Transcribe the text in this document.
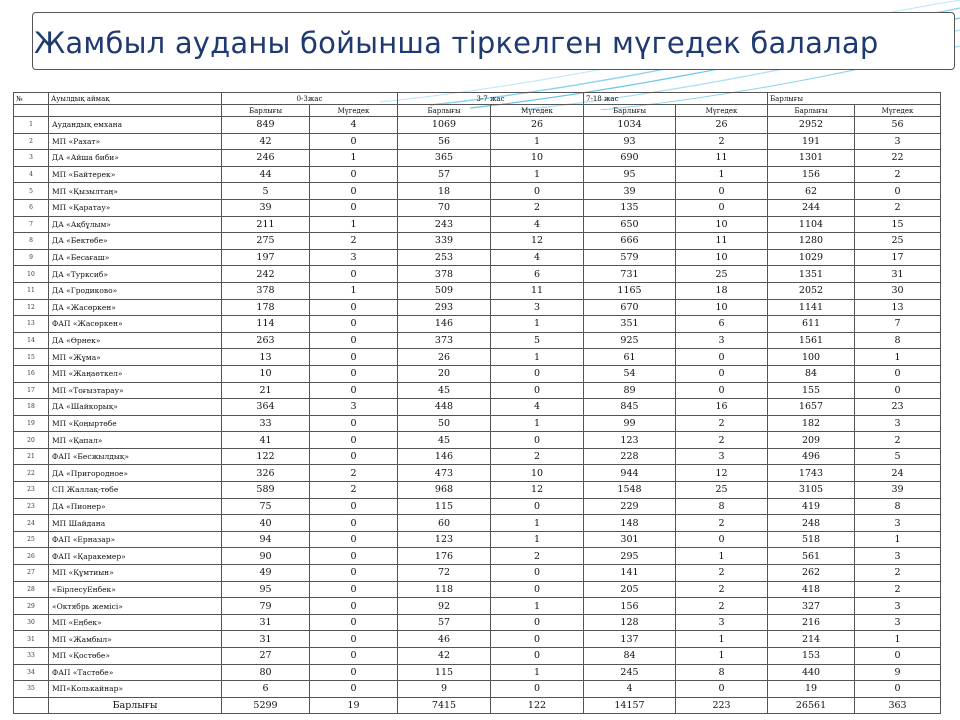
Жамбыл ауданы бойынша тіркелген мүгедек балалар
№	Ауылдық аймақ	0-3жас		3-7 жас		7-18 жас		Барлығы	
		Барлығы	Мүгедек	Барлығы	Мүгедек	Барлығы	Мүгедек	Барлығы	Мүгедек
1	Аудандық емхана	849	4	1069	26	1034	26	2952	56
2	МП «Рахат»	42	0	56	1	93	2	191	3
3	ДА «Айша биби»	246	1	365	10	690	11	1301	22
4	МП «Байтерек»	44	0	57	1	95	1	156	2
5	МП «Қызылтаң»	5	0	18	0	39	0	62	0
6	МП «Қаратау»	39	0	70	2	135	0	244	2
7	ДА «Ақбұлым»	211	1	243	4	650	10	1104	15
8	ДА «Бектөбе»	275	2	339	12	666	11	1280	25
9	ДА «Бесағаш»	197	3	253	4	579	10	1029	17
10	ДА «Турксиб»	242	0	378	6	731	25	1351	31
11	ДА «Гродиково»	378	1	509	11	1165	18	2052	30
12	ДА «Жасөркен»	178	0	293	3	670	10	1141	13
13	ФАП «Жасөркен»	114	0	146	1	351	6	611	7
14	ДА «Өрнек»	263	0	373	5	925	3	1561	8
15	МП «Жұма»	13	0	26	1	61	0	100	1
16	МП «Жаңаөткел»	10	0	20	0	54	0	84	0
17	МП «Тоғызтарау»	21	0	45	0	89	0	155	0
18	ДА «Шайкорық»	364	3	448	4	845	16	1657	23
19	МП «Қоңыртөбе	33	0	50	1	99	2	182	3
20	МП «Қапал»	41	0	45	0	123	2	209	2
21	ФАП «Бесжылдық»	122	0	146	2	228	3	496	5
22	ДА «Пригородное»	326	2	473	10	944	12	1743	24
23	СП Жаллақ-төбе	589	2	968	12	1548	25	3105	39
23	ДА «Пионер»	75	0	115	0	229	8	419	8
24	МП Шайдана	40	0	60	1	148	2	248	3
25	ФАП «Ерназар»	94	0	123	1	301	0	518	1
26	ФАП «Қаракемер»	90	0	176	2	295	1	561	3
27	МП «Құмтиын»	49	0	72	0	141	2	262	2
28	«БірлесуЕнбек»	95	0	118	0	205	2	418	2
29	«Октябрь жемісі»	79	0	92	1	156	2	327	3
30	МП «Еңбек»	31	0	57	0	128	3	216	3
31	МП «Жамбыл»	31	0	46	0	137	1	214	1
33	МП «Қостөбе»	27	0	42	0	84	1	153	0
34	ФАП «Тастөбе»	80	0	115	1	245	8	440	9
35	МП«Колькайнар»	6	0	9	0	4	0	19	0
	Барлығы	5299	19	7415	122	14157	223	26561	363
